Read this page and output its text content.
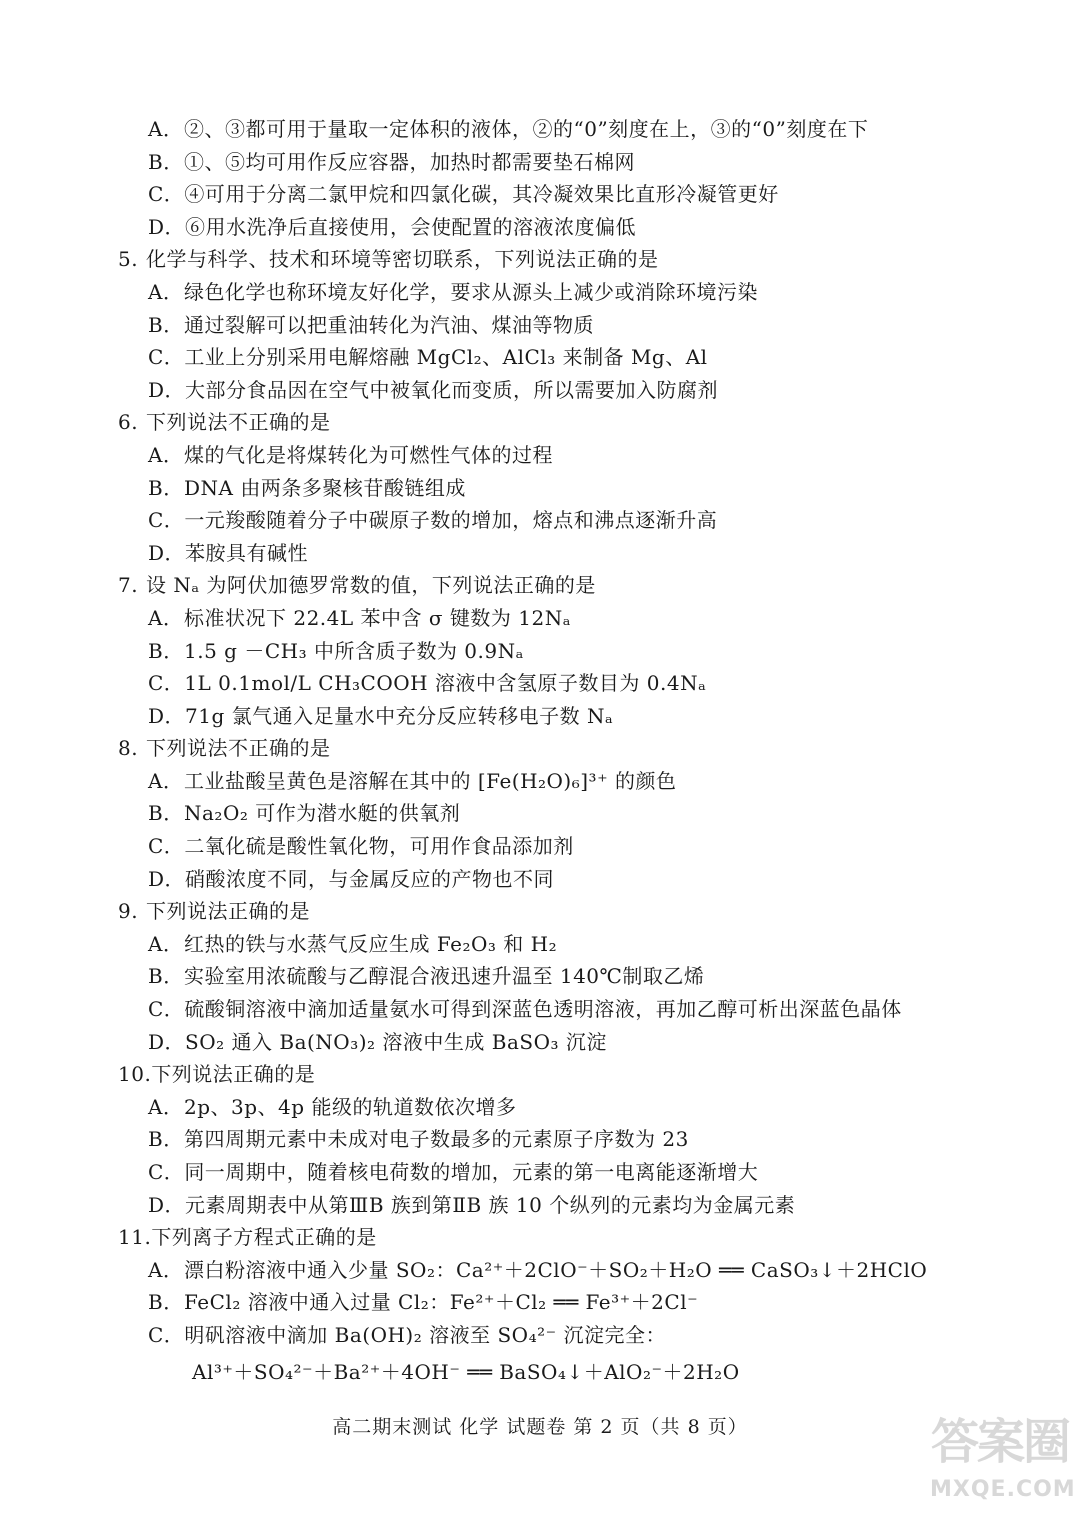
A．②、③都可用于量取一定体积的液体，②的“0”刻度在上，③的“0”刻度在下
B．①、⑤均可用作反应容器，加热时都需要垫石棉网
C．④可用于分离二氯甲烷和四氯化碳，其冷凝效果比直形冷凝管更好
D．⑥用水洗净后直接使用，会使配置的溶液浓度偏低
5. 化学与科学、技术和环境等密切联系，下列说法正确的是
A．绿色化学也称环境友好化学，要求从源头上减少或消除环境污染
B．通过裂解可以把重油转化为汽油、煤油等物质
C．工业上分别采用电解熔融 MgCl₂、AlCl₃ 来制备 Mg、Al
D．大部分食品因在空气中被氧化而变质，所以需要加入防腐剂
6. 下列说法不正确的是
A．煤的气化是将煤转化为可燃性气体的过程
B．DNA 由两条多聚核苷酸链组成
C．一元羧酸随着分子中碳原子数的增加，熔点和沸点逐渐升高
D．苯胺具有碱性
7. 设 Nₐ 为阿伏加德罗常数的值，下列说法正确的是
A．标准状况下 22.4L 苯中含 σ 键数为 12Nₐ
B．1.5 g －CH₃ 中所含质子数为 0.9Nₐ
C．1L 0.1mol/L CH₃COOH 溶液中含氢原子数目为 0.4Nₐ
D．71g 氯气通入足量水中充分反应转移电子数 Nₐ
8. 下列说法不正确的是
A．工业盐酸呈黄色是溶解在其中的 [Fe(H₂O)₆]³⁺ 的颜色
B．Na₂O₂ 可作为潜水艇的供氧剂
C．二氧化硫是酸性氧化物，可用作食品添加剂
D．硝酸浓度不同，与金属反应的产物也不同
9. 下列说法正确的是
A．红热的铁与水蒸气反应生成 Fe₂O₃ 和 H₂
B．实验室用浓硫酸与乙醇混合液迅速升温至 140℃制取乙烯
C．硫酸铜溶液中滴加适量氨水可得到深蓝色透明溶液，再加乙醇可析出深蓝色晶体
D．SO₂ 通入 Ba(NO₃)₂ 溶液中生成 BaSO₃ 沉淀
10.下列说法正确的是
A．2p、3p、4p 能级的轨道数依次增多
B．第四周期元素中未成对电子数最多的元素原子序数为 23
C．同一周期中，随着核电荷数的增加，元素的第一电离能逐渐增大
D．元素周期表中从第ⅢB 族到第ⅡB 族 10 个纵列的元素均为金属元素
11.下列离子方程式正确的是
A．漂白粉溶液中通入少量 SO₂：Ca²⁺＋2ClO⁻＋SO₂＋H₂O ══ CaSO₃↓＋2HClO
B．FeCl₂ 溶液中通入过量 Cl₂：Fe²⁺＋Cl₂ ══ Fe³⁺＋2Cl⁻
C．明矾溶液中滴加 Ba(OH)₂ 溶液至 SO₄²⁻ 沉淀完全：
Al³⁺＋SO₄²⁻＋Ba²⁺＋4OH⁻ ══ BaSO₄↓＋AlO₂⁻＋2H₂O
高二期末测试 化学 试题卷 第 2 页（共 8 页）	答案圈
MXQE.COM
